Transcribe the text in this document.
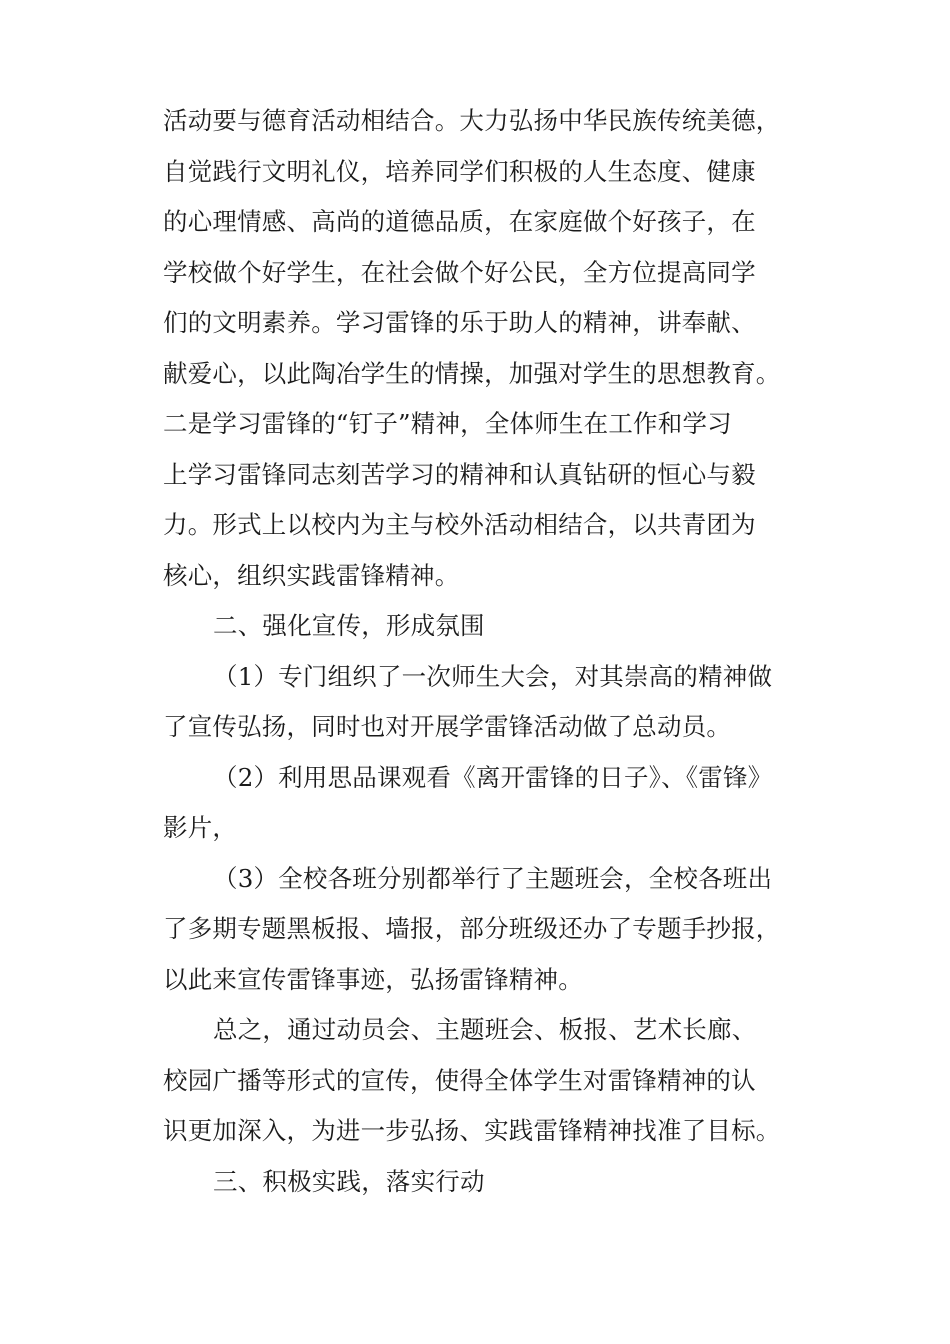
活动要与德育活动相结合。大力弘扬中华民族传统美德，
自觉践行文明礼仪，培养同学们积极的人生态度、健康
的心理情感、高尚的道德品质，在家庭做个好孩子，在
学校做个好学生，在社会做个好公民，全方位提高同学
们的文明素养。学习雷锋的乐于助人的精神，讲奉献、
献爱心，以此陶冶学生的情操，加强对学生的思想教育。
二是学习雷锋的“钉子”精神，全体师生在工作和学习
上学习雷锋同志刻苦学习的精神和认真钻研的恒心与毅
力。形式上以校内为主与校外活动相结合，以共青团为
核心，组织实践雷锋精神。
二、强化宣传，形成氛围
（1）专门组织了一次师生大会，对其崇高的精神做
了宣传弘扬，同时也对开展学雷锋活动做了总动员。
（2）利用思品课观看《离开雷锋的日子》、《雷锋》
影片，
（3）全校各班分别都举行了主题班会，全校各班出
了多期专题黑板报、墙报，部分班级还办了专题手抄报，
以此来宣传雷锋事迹，弘扬雷锋精神。
总之，通过动员会、主题班会、板报、艺术长廊、
校园广播等形式的宣传，使得全体学生对雷锋精神的认
识更加深入，为进一步弘扬、实践雷锋精神找准了目标。
三、积极实践，落实行动
